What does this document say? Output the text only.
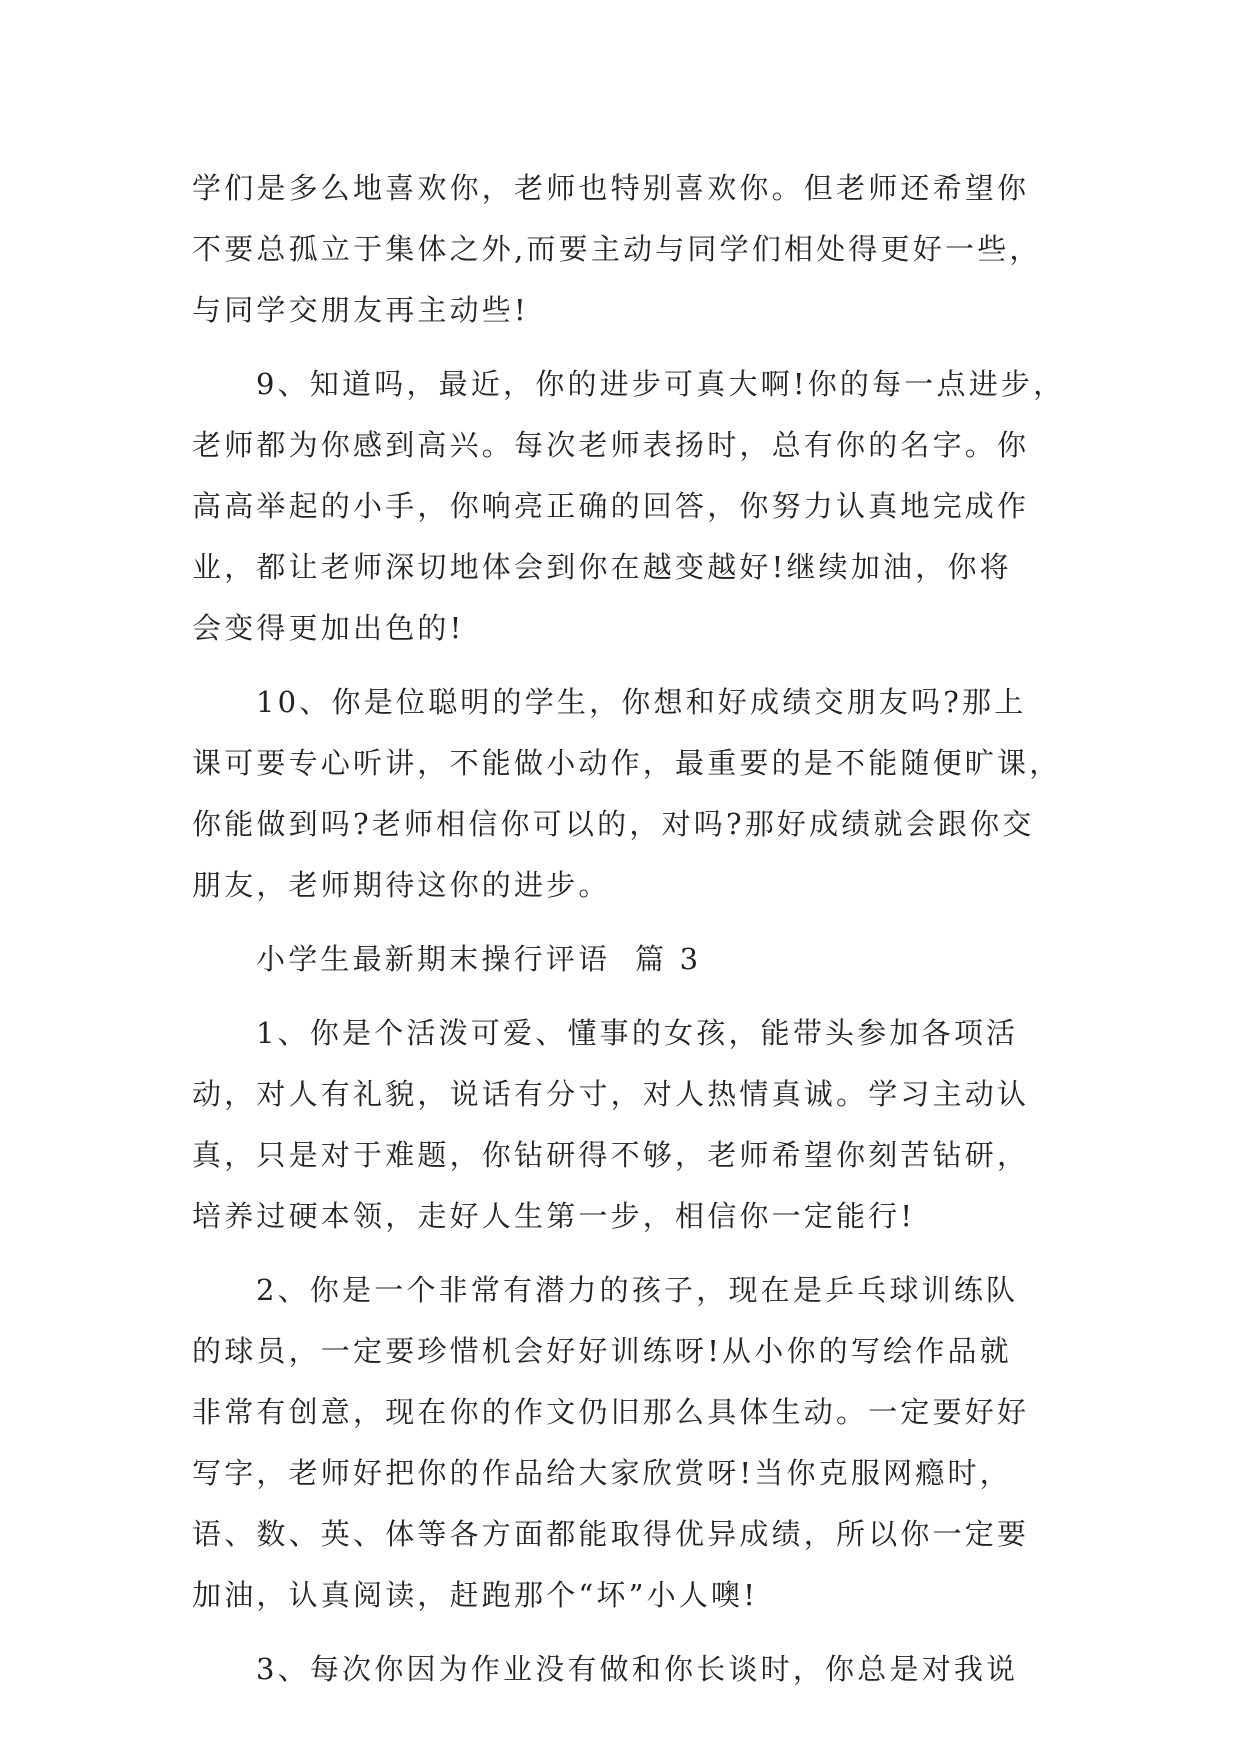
学们是多么地喜欢你，老师也特别喜欢你。但老师还希望你
不要总孤立于集体之外,而要主动与同学们相处得更好一些，
与同学交朋友再主动些!
9、知道吗，最近，你的进步可真大啊!你的每一点进步，
老师都为你感到高兴。每次老师表扬时，总有你的名字。你
高高举起的小手，你响亮正确的回答，你努力认真地完成作
业，都让老师深切地体会到你在越变越好!继续加油，你将
会变得更加出色的!
10、你是位聪明的学生，你想和好成绩交朋友吗?那上
课可要专心听讲，不能做小动作，最重要的是不能随便旷课，
你能做到吗?老师相信你可以的，对吗?那好成绩就会跟你交
朋友，老师期待这你的进步。
小学生最新期末操行评语  篇 3
1、你是个活泼可爱、懂事的女孩，能带头参加各项活
动，对人有礼貌，说话有分寸，对人热情真诚。学习主动认
真，只是对于难题，你钻研得不够，老师希望你刻苦钻研，
培养过硬本领，走好人生第一步，相信你一定能行!
2、你是一个非常有潜力的孩子，现在是乒乓球训练队
的球员，一定要珍惜机会好好训练呀!从小你的写绘作品就
非常有创意，现在你的作文仍旧那么具体生动。一定要好好
写字，老师好把你的作品给大家欣赏呀!当你克服网瘾时，
语、数、英、体等各方面都能取得优异成绩，所以你一定要
加油，认真阅读，赶跑那个“坏”小人噢!
3、每次你因为作业没有做和你长谈时，你总是对我说
